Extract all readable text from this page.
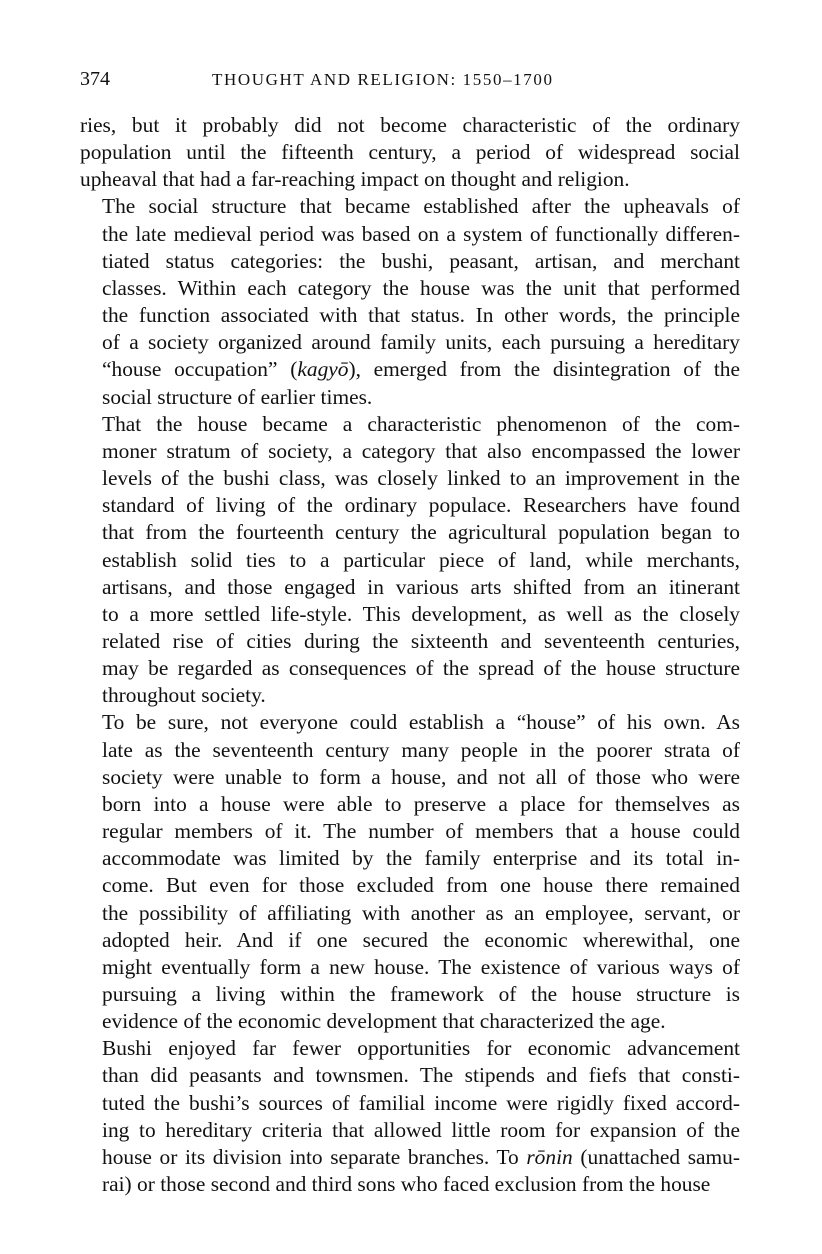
374	THOUGHT AND RELIGION: 1550–1700

ries, but it probably did not become characteristic of the ordinary
population until the fifteenth century, a period of widespread social
upheaval that had a far-reaching impact on thought and religion.

The social structure that became established after the upheavals of
the late medieval period was based on a system of functionally differen-
tiated status categories: the bushi, peasant, artisan, and merchant
classes. Within each category the house was the unit that performed
the function associated with that status. In other words, the principle
of a society organized around family units, each pursuing a hereditary
“house occupation” (kagyō), emerged from the disintegration of the
social structure of earlier times.

That the house became a characteristic phenomenon of the com-
moner stratum of society, a category that also encompassed the lower
levels of the bushi class, was closely linked to an improvement in the
standard of living of the ordinary populace. Researchers have found
that from the fourteenth century the agricultural population began to
establish solid ties to a particular piece of land, while merchants,
artisans, and those engaged in various arts shifted from an itinerant
to a more settled life-style. This development, as well as the closely
related rise of cities during the sixteenth and seventeenth centuries,
may be regarded as consequences of the spread of the house structure
throughout society.

To be sure, not everyone could establish a “house” of his own. As
late as the seventeenth century many people in the poorer strata of
society were unable to form a house, and not all of those who were
born into a house were able to preserve a place for themselves as
regular members of it. The number of members that a house could
accommodate was limited by the family enterprise and its total in-
come. But even for those excluded from one house there remained
the possibility of affiliating with another as an employee, servant, or
adopted heir. And if one secured the economic wherewithal, one
might eventually form a new house. The existence of various ways of
pursuing a living within the framework of the house structure is
evidence of the economic development that characterized the age.

Bushi enjoyed far fewer opportunities for economic advancement
than did peasants and townsmen. The stipends and fiefs that consti-
tuted the bushi’s sources of familial income were rigidly fixed accord-
ing to hereditary criteria that allowed little room for expansion of the
house or its division into separate branches. To rōnin (unattached samu-
rai) or those second and third sons who faced exclusion from the house
